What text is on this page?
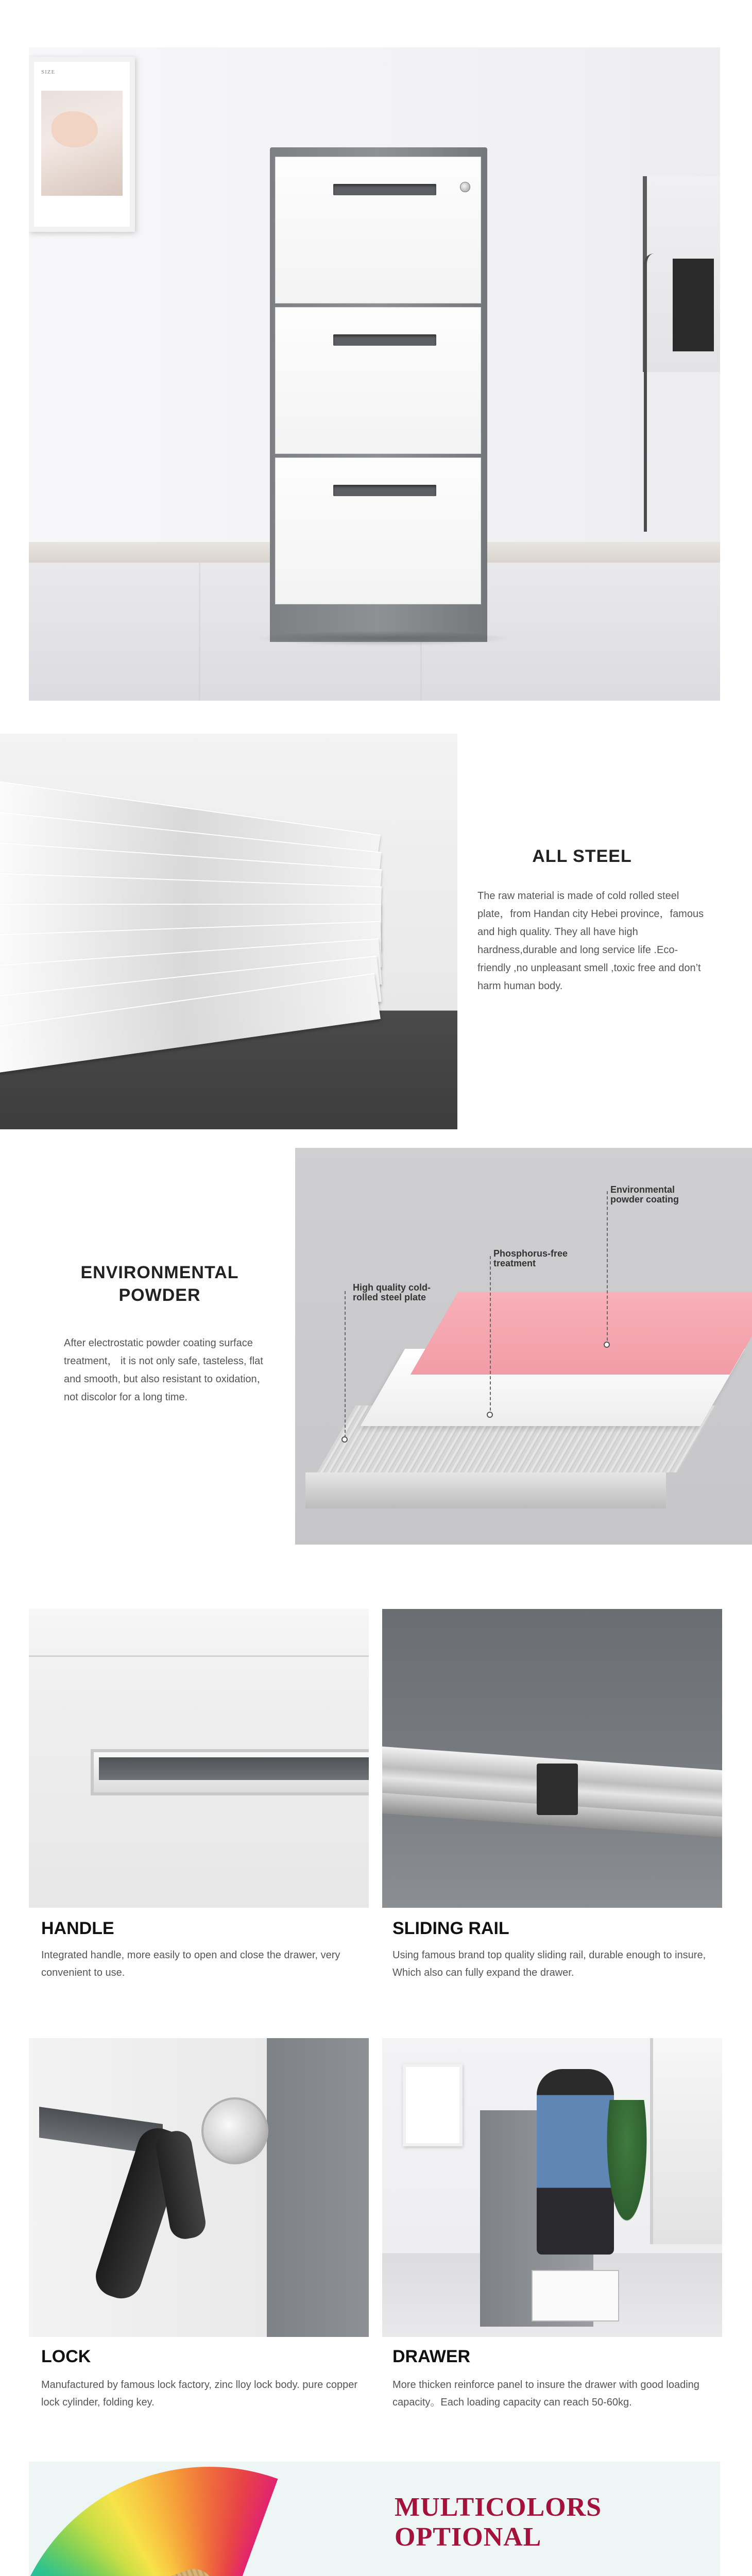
SIZE
ALL STEEL
The raw material is made of cold rolled steel plate，from Handan city Hebei province，famous and high quality. They all have high hardness,durable and long service life .Eco-friendly ,no unpleasant smell ,toxic free and don’t harm human body.
ENVIRONMENTAL
POWDER
After electrostatic powder coating surface treatment， it is not only safe, tasteless, flat and smooth, but also resistant to oxidation，not discolor for a long time.
Environmental
powder coating
Phosphorus-free
treatment
High quality cold-
rolled steel plate
HANDLE
Integrated handle, more easily to open and close the drawer, very convenient to use.
SLIDING RAIL
Using famous brand top quality sliding rail, durable enough to insure, Which also can fully expand the drawer.
LOCK
Manufactured by famous lock factory, zinc lloy lock body. pure copper lock cylinder, folding key.
DRAWER
More thicken reinforce panel to insure the drawer with good loading capacity。Each loading capacity can reach 50-60kg.
MULTICOLORS
OPTIONAL
